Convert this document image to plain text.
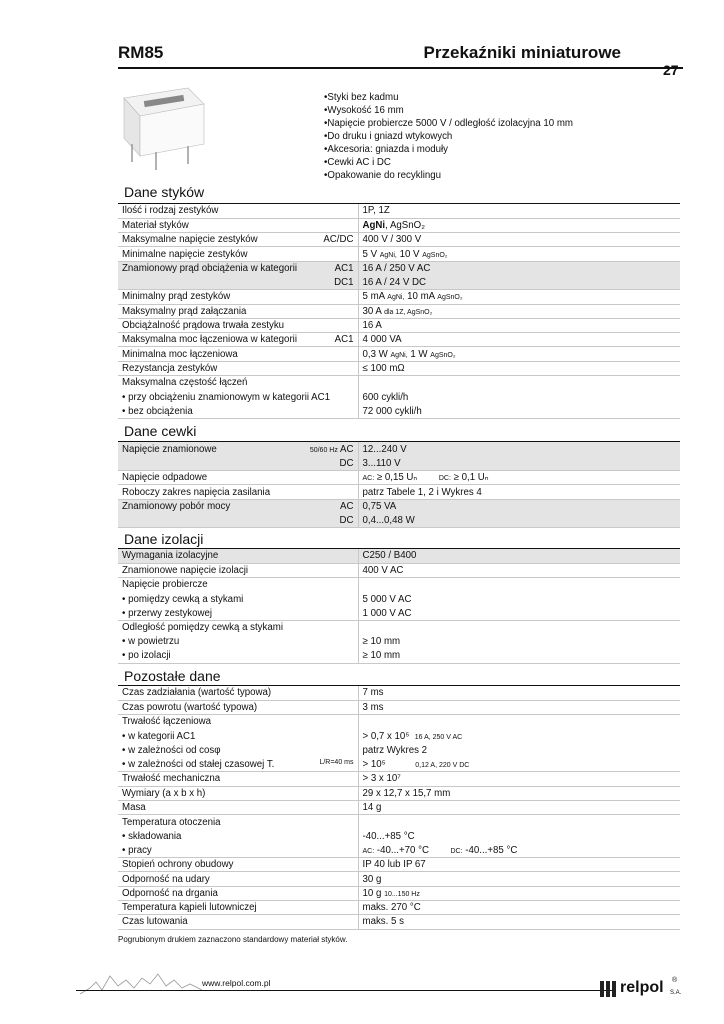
RM85	Przekaźniki miniaturowe
27
• Styki bez kadmu
• Wysokość 16 mm
• Napięcie probiercze 5000 V / odległość izolacyjna 10 mm
• Do druku i gniazd wtykowych
• Akcesoria: gniazda i moduły
• Cewki AC i DC
• Opakowanie do recyklingu
Dane styków
Ilość i rodzaj zestyków	1P, 1Z
Materiał styków	AgNi, AgSnO₂
Maksymalne napięcie zestyków AC/DC	400 V / 300 V
Minimalne napięcie zestyków	5 V AgNi, 10 V AgSnO₂
Znamionowy prąd obciążenia w kategorii AC1	16 A / 250 V AC

DC1	16 A / 24 V DC
Minimalny prąd zestyków	5 mA AgNi, 10 mA AgSnO₂
Maksymalny prąd załączania	30 A dla 1Z, AgSnO₂
Obciążalność prądowa trwała zestyku	16 A
Maksymalna moc łączeniowa w kategorii AC1	4 000 VA
Minimalna moc łączeniowa	0,3 W AgNi, 1 W AgSnO₂
Rezystancja zestyków	≤ 100 mΩ
Maksymalna częstość łączeń	
• przy obciążeniu znamionowym w kategorii AC1	600 cykli/h
• bez obciążenia	72 000 cykli/h
Dane cewki
Napięcie znamionowe 50/60 Hz AC	12...240 V

DC	3...110 V
Napięcie odpadowe	AC: ≥ 0,15 Uₙ DC: ≥ 0,1 Uₙ
Roboczy zakres napięcia zasilania	patrz Tabele 1, 2 i Wykres 4
Znamionowy pobór mocy AC	0,75 VA

DC	0,4...0,48 W
Dane izolacji
Wymagania izolacyjne	C250 / B400
Znamionowe napięcie izolacji	400 V AC
Napięcie probiercze	
• pomiędzy cewką a stykami	5 000 V AC
• przerwy zestykowej	1 000 V AC
Odległość pomiędzy cewką a stykami	
• w powietrzu	≥ 10 mm
• po izolacji	≥ 10 mm
Pozostałe dane
Czas zadziałania (wartość typowa)	7 ms
Czas powrotu (wartość typowa)	3 ms
Trwałość łączeniowa	
• w kategorii AC1	> 0,7 x 10⁵ 16 A, 250 V AC
• w zależności od cosφ	patrz Wykres 2
• w zależności od stałej czasowej T. L/R=40 ms	> 10⁵ 0,12 A, 220 V DC
Trwałość mechaniczna	> 3 x 10⁷
Wymiary (a x b x h)	29 x 12,7 x 15,7 mm
Masa	14 g
Temperatura otoczenia	
• składowania	-40...+85 °C
• pracy	AC: -40...+70 °C DC: -40...+85 °C
Stopień ochrony obudowy	IP 40 lub IP 67
Odporność na udary	30 g
Odporność na drgania	10 g 10...150 Hz
Temperatura kąpieli lutowniczej	maks. 270 °C
Czas lutowania	maks. 5 s
Pogrubionym drukiem zaznaczono standardowy materiał styków.
www.relpol.com.pl	relpol ®
S.A.
